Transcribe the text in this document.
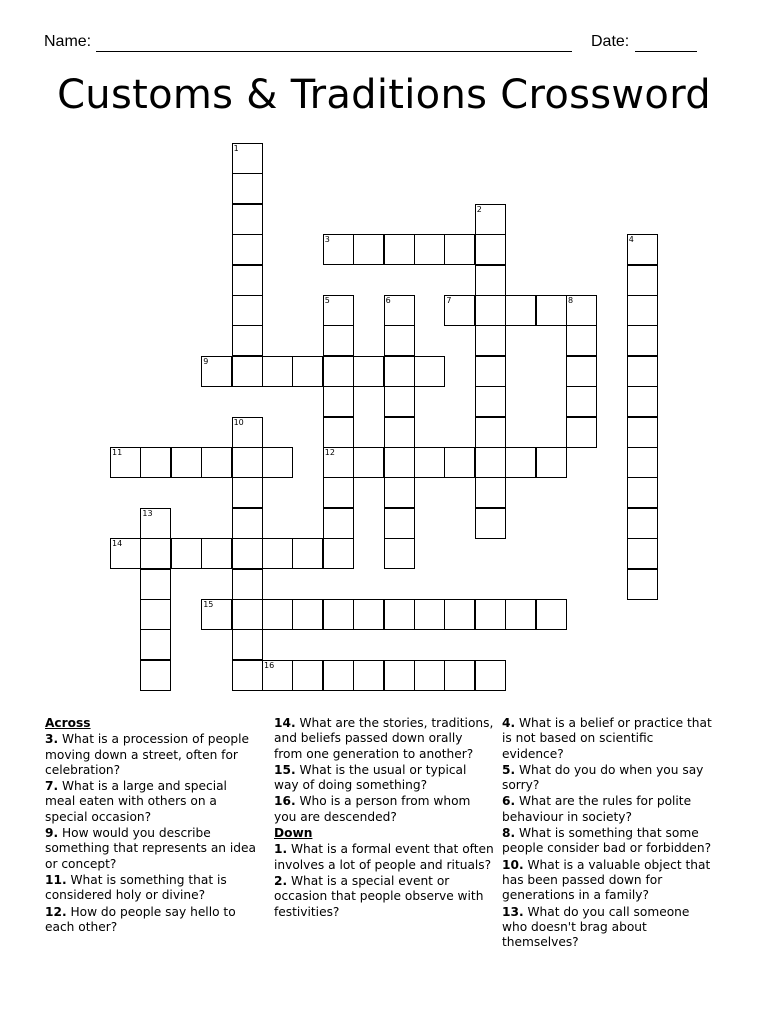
Name:	Date:
Customs & Traditions Crossword
1
2
3	4
5
12
6	7	8
9
10
11
13
14
15
16
Across
3. What is a procession of people moving down a street, often for celebration?
7. What is a large and special meal eaten with others on a special occasion?
9. How would you describe something that represents an idea or concept?
11. What is something that is considered holy or divine?
12. How do people say hello to each other?
14. What are the stories, traditions, and beliefs passed down orally from one generation to another?
15. What is the usual or typical way of doing something?
16. Who is a person from whom you are descended?
Down
1. What is a formal event that often involves a lot of people and rituals?
2. What is a special event or occasion that people observe with festivities?
4. What is a belief or practice that is not based on scientific evidence?
5. What do you do when you say sorry?
6. What are the rules for polite behaviour in society?
8. What is something that some people consider bad or forbidden?
10. What is a valuable object that has been passed down for generations in a family?
13. What do you call someone who doesn't brag about themselves?
